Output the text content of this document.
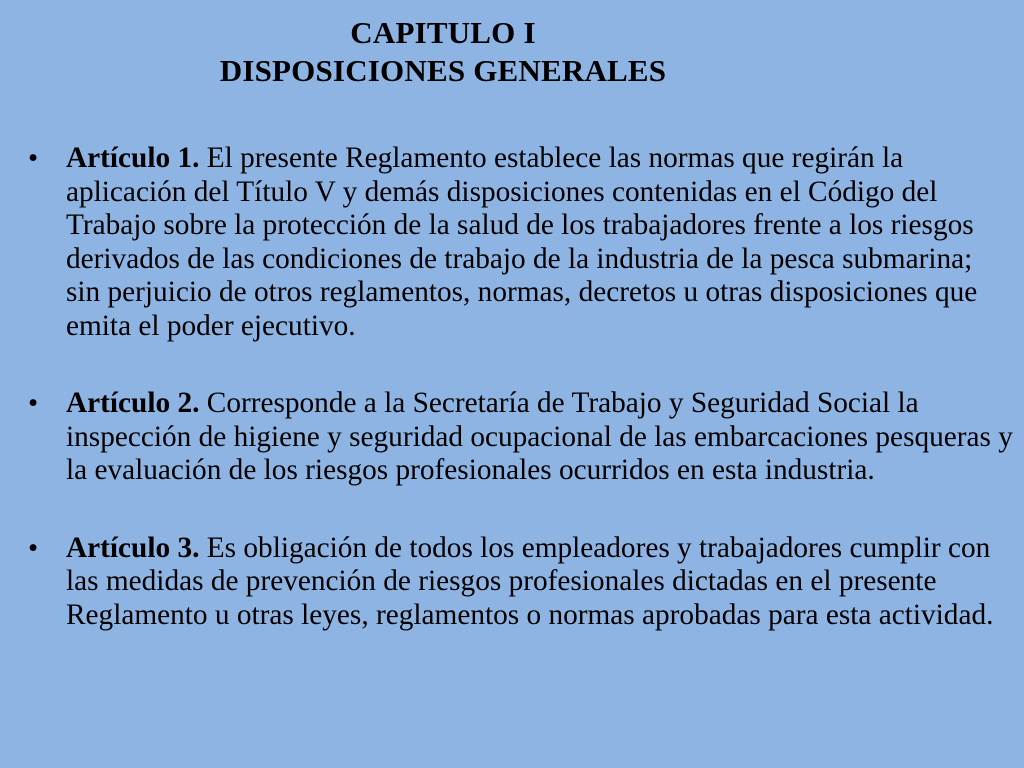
CAPITULO I
DISPOSICIONES GENERALES
• Artículo 1. El presente Reglamento establece las normas que regirán la aplicación del Título V y demás disposiciones contenidas en el Código del Trabajo sobre la protección de la salud de los trabajadores frente a los riesgos derivados de las condiciones de trabajo de la industria de la pesca submarina; sin perjuicio de otros reglamentos, normas, decretos u otras disposiciones que emita el poder ejecutivo.
• Artículo 2. Corresponde a la Secretaría de Trabajo y Seguridad Social la inspección de higiene y seguridad ocupacional de las embarcaciones pesqueras y la evaluación de los riesgos profesionales ocurridos en esta industria.
• Artículo 3. Es obligación de todos los empleadores y trabajadores cumplir con las medidas de prevención de riesgos profesionales dictadas en el presente Reglamento u otras leyes, reglamentos o normas aprobadas para esta actividad.
